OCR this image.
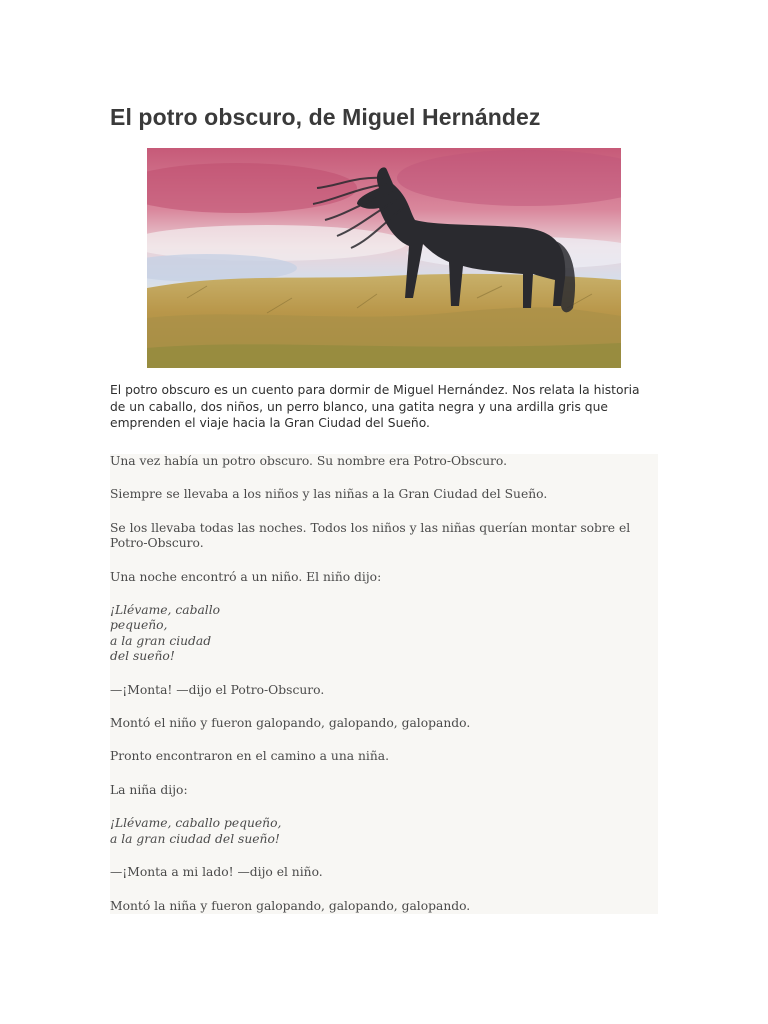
El potro obscuro, de Miguel Hernández

El potro obscuro es un cuento para dormir de Miguel Hernández. Nos relata la historia de un caballo, dos niños, un perro blanco, una gatita negra y una ardilla gris que emprenden el viaje hacia la Gran Ciudad del Sueño.

Una vez había un potro obscuro. Su nombre era Potro-Obscuro.

Siempre se llevaba a los niños y las niñas a la Gran Ciudad del Sueño.

Se los llevaba todas las noches. Todos los niños y las niñas querían montar sobre el Potro-Obscuro.

Una noche encontró a un niño. El niño dijo:

¡Llévame, caballo
pequeño,
a la gran ciudad
del sueño!

—¡Monta! —dijo el Potro-Obscuro.

Montó el niño y fueron galopando, galopando, galopando.

Pronto encontraron en el camino a una niña.

La niña dijo:

¡Llévame, caballo pequeño,
a la gran ciudad del sueño!

—¡Monta a mi lado! —dijo el niño.

Montó la niña y fueron galopando, galopando, galopando.
